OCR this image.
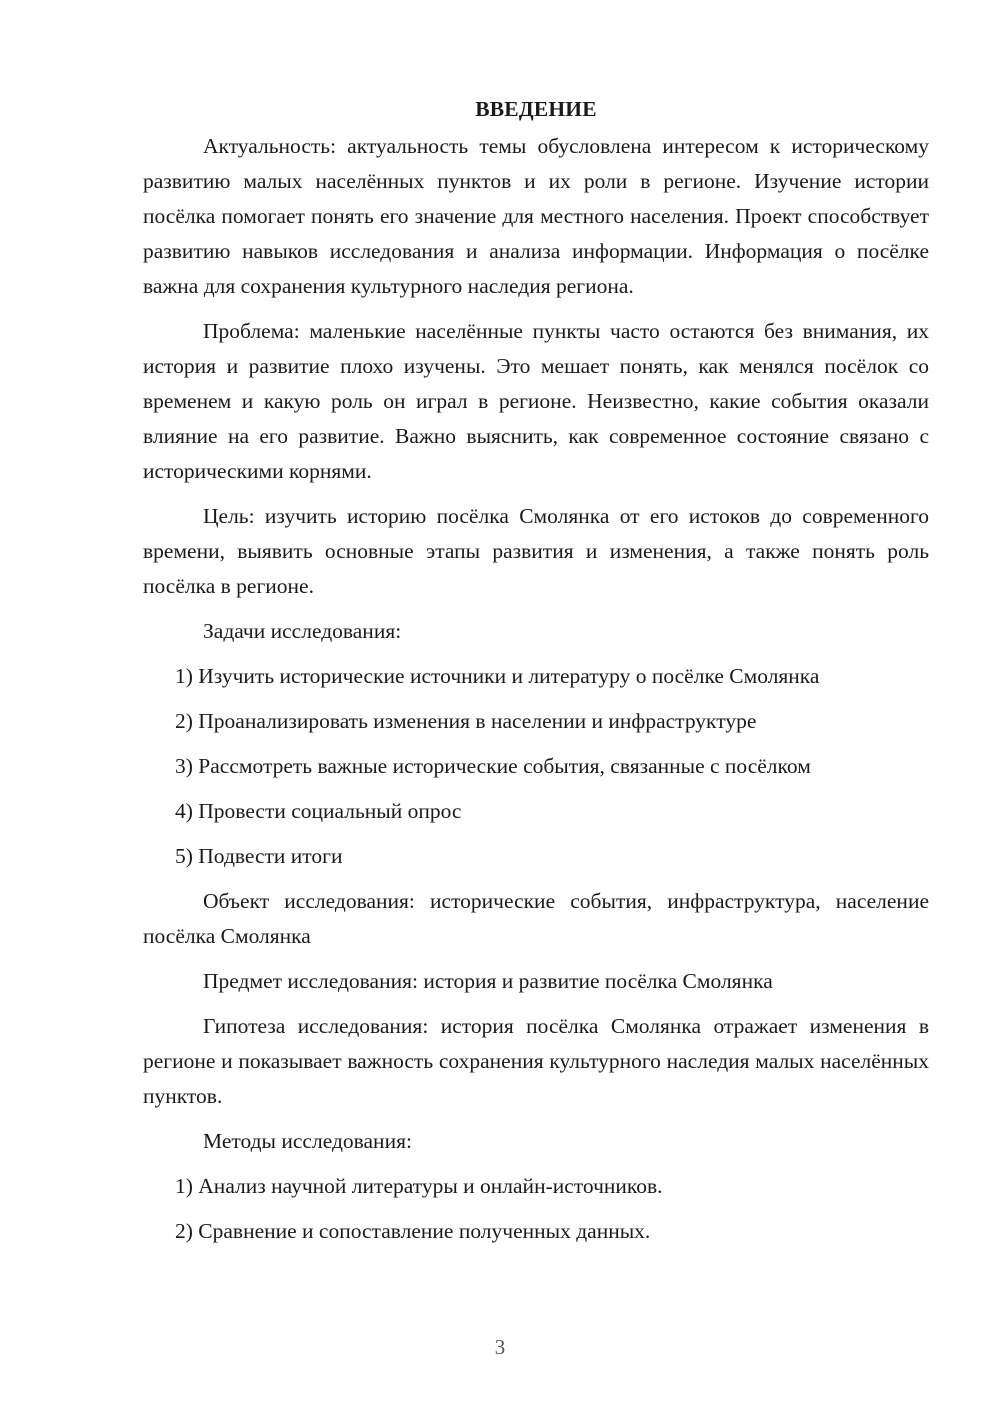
ВВЕДЕНИЕ

Актуальность: актуальность темы обусловлена интересом к историческому развитию малых населённых пунктов и их роли в регионе. Изучение истории посёлка помогает понять его значение для местного населения. Проект способствует развитию навыков исследования и анализа информации. Информация о посёлке важна для сохранения культурного наследия региона.

Проблема: маленькие населённые пункты часто остаются без внимания, их история и развитие плохо изучены. Это мешает понять, как менялся посёлок со временем и какую роль он играл в регионе. Неизвестно, какие события оказали влияние на его развитие. Важно выяснить, как современное состояние связано с историческими корнями.

Цель: изучить историю посёлка Смолянка от его истоков до современного времени, выявить основные этапы развития и изменения, а также понять роль посёлка в регионе.

Задачи исследования:

1) Изучить исторические источники и литературу о посёлке Смолянка
2) Проанализировать изменения в населении и инфраструктуре
3) Рассмотреть важные исторические события, связанные с посёлком
4) Провести социальный опрос
5) Подвести итоги

Объект исследования: исторические события, инфраструктура, население посёлка Смолянка

Предмет исследования: история и развитие посёлка Смолянка

Гипотеза исследования: история посёлка Смолянка отражает изменения в регионе и показывает важность сохранения культурного наследия малых населённых пунктов.

Методы исследования:

1) Анализ научной литературы и онлайн-источников.
2) Сравнение и сопоставление полученных данных.
3
